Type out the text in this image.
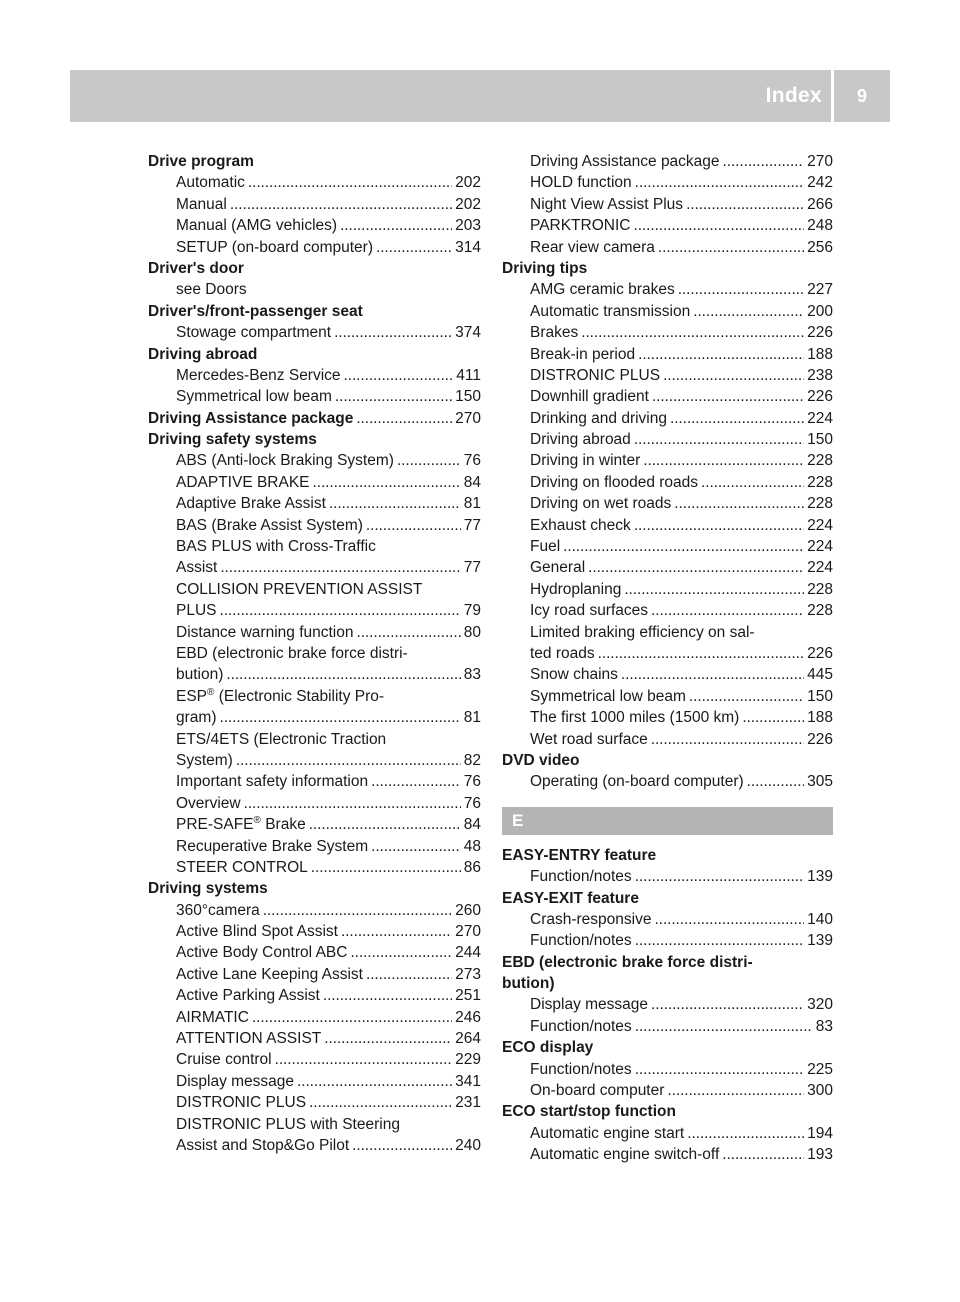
Index	9
Drive program
Automatic . . .	202
Manual . . .	202
Manual (AMG vehicles) . . .	203
SETUP (on-board computer) . . .	314
Driver's door
see Doors
Driver's/front-passenger seat
Stowage compartment . . .	374
Driving abroad
Mercedes-Benz Service . . .	411
Symmetrical low beam . . .	150
Driving Assistance package . . .	270
Driving safety systems
ABS (Anti-lock Braking System) . . .	76
ADAPTIVE BRAKE . . .	84
Adaptive Brake Assist . . .	81
BAS (Brake Assist System) . . .	77
BAS PLUS with Cross-Traffic
Assist . . .	77
COLLISION PREVENTION ASSIST
PLUS . . .	79
Distance warning function . . .	80
EBD (electronic brake force distri-
bution) . . .	83
ESP® (Electronic Stability Pro-
gram) . . .	81
ETS/4ETS (Electronic Traction
System) . . .	82
Important safety information . . .	76
Overview . . .	76
PRE-SAFE® Brake . . .	84
Recuperative Brake System . . .	48
STEER CONTROL . . .	86
Driving systems
360°camera . . .	260
Active Blind Spot Assist . . .	270
Active Body Control ABC . . .	244
Active Lane Keeping Assist . . .	273
Active Parking Assist . . .	251
AIRMATIC . . .	246
ATTENTION ASSIST . . .	264
Cruise control . . .	229
Display message . . .	341
DISTRONIC PLUS . . .	231
DISTRONIC PLUS with Steering
Assist and Stop&Go Pilot . . .	240
Driving Assistance package . . .	270
HOLD function . . .	242
Night View Assist Plus . . .	266
PARKTRONIC . . .	248
Rear view camera . . .	256
Driving tips
AMG ceramic brakes . . .	227
Automatic transmission . . .	200
Brakes . . .	226
Break-in period . . .	188
DISTRONIC PLUS . . .	238
Downhill gradient . . .	226
Drinking and driving . . .	224
Driving abroad . . .	150
Driving in winter . . .	228
Driving on flooded roads . . .	228
Driving on wet roads . . .	228
Exhaust check . . .	224
Fuel . . .	224
General . . .	224
Hydroplaning . . .	228
Icy road surfaces . . .	228
Limited braking efficiency on sal-
ted roads . . .	226
Snow chains . . .	445
Symmetrical low beam . . .	150
The first 1000 miles (1500 km) . . .	188
Wet road surface . . .	226
DVD video
Operating (on-board computer) . . .	305
E
EASY-ENTRY feature
Function/notes . . .	139
EASY-EXIT feature
Crash-responsive . . .	140
Function/notes . . .	139
EBD (electronic brake force distri-
bution)
Display message . . .	320
Function/notes . . .	83
ECO display
Function/notes . . .	225
On-board computer . . .	300
ECO start/stop function
Automatic engine start . . .	194
Automatic engine switch-off . . .	193
